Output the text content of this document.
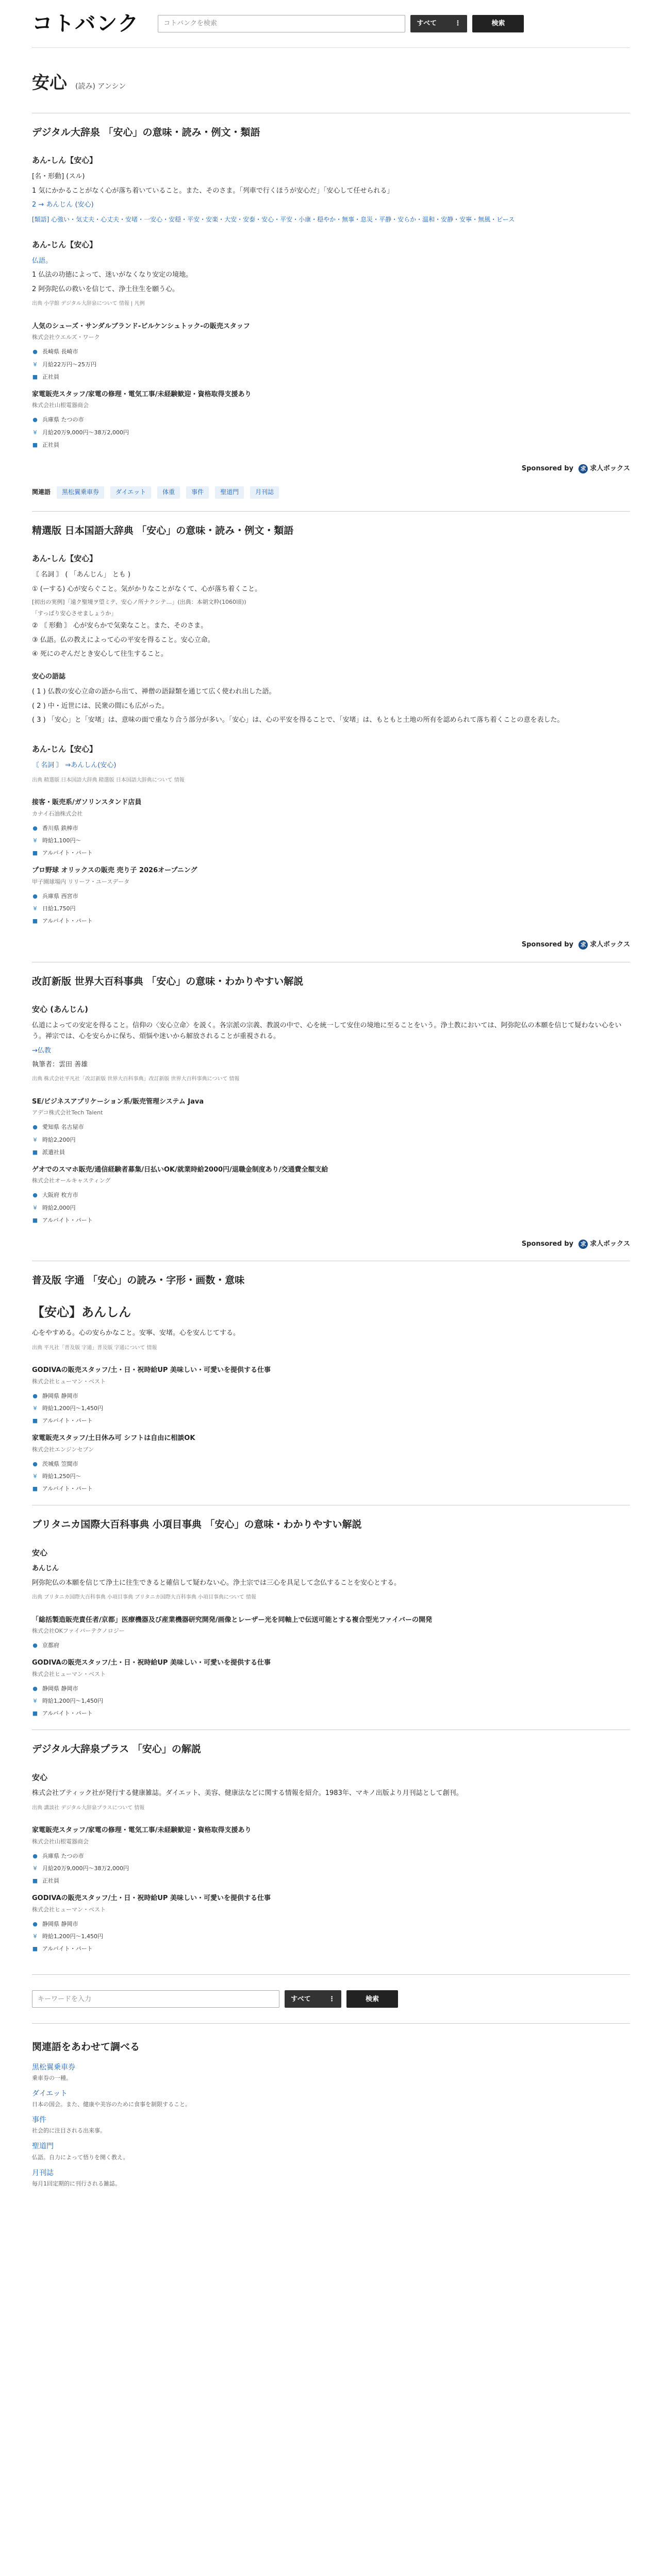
コトバンク	コトバンクを検索	すべて	⋮	検索
安心 (読み) アンシン
デジタル大辞泉 「安心」の意味・読み・例文・類語
あん‐しん【安心】
[名・形動] (スル)
1 気にかかることがなく心が落ち着いていること。また、そのさま。「列車で行くほうが安心だ」「安心して任せられる」
2 → あんじん (安心)
[類語] 心強い・気丈夫・心丈夫・安堵・一安心・安穏・平安・安楽・大安・安泰・安心・平安・小康・穏やか・無事・息災・平静・安らか・温和・安静・安寧・無風・ピース
あん‐じん【安心】
仏語。
1 仏法の功徳によって、迷いがなくなり安定の境地。
2 阿弥陀仏の救いを信じて、浄土往生を願う心。
出典 小学館 デジタル大辞泉について 情報 | 凡例
人気のシューズ・サンダルブランド-ビルケンシュトック-の販売スタッフ
株式会社ウエルズ・ワーク
● 長崎県 長崎市
¥ 月給22万円〜25万円
■ 正社員
家電販売スタッフ/家電の修理・電気工事/未経験歓迎・資格取得支援あり
株式会社山根電器商会
● 兵庫県 たつの市
¥ 月給20万9,000円〜38万2,000円
■ 正社員
Sponsored by 求 求人ボックス
関連語	黒松翼乗車券	ダイエット	体重	事件	聖道門	月刊誌
精選版 日本国語大辞典 「安心」の意味・読み・例文・類語
あん‐しん【安心】
〘 名詞 〙 ( 「あんじん」 とも )
① (ーする) 心が安らぐこと。気がかりなことがなくて、心が落ち着くこと。
[初出の実例]「遠ク聖境ヲ望ミテ、安心ノ所ナクシテ…」(出典：本朝文粋(1060頃))
「すっぱり安心させましょうか」
② 〘 形動 〙 心が安らかで気楽なこと。また、そのさま。
③ 仏語。仏の教えによって心の平安を得ること。安心立命。
④ 死にのぞんだとき安心して往生すること。
安心の語誌
( 1 ) 仏教の安心立命の語から出て、禅僧の語録類を通じて広く使われ出した語。
( 2 ) 中・近世には、民衆の間にも広がった。
( 3 ) 「安心」と「安堵」は、意味の面で重なり合う部分が多い。「安心」は、心の平安を得ることで、「安堵」は、もともと土地の所有を認められて落ち着くことの意を表した。
あん‐じん【安心】
〘 名詞 〙 ⇒あんしん(安心)
出典 精選版 日本国語大辞典 精選版 日本国語大辞典について 情報
接客・販売系/ガソリンスタンド店員
カナイ石油株式会社
● 香川県 鉄棒市
¥ 時給1,100円〜
■ アルバイト・パート
プロ野球 オリックスの販売 売り子 2026オープニング
甲子園球場内 リリーフ・ユースデータ
● 兵庫県 西宮市
¥ 日給1,750円
■ アルバイト・パート
Sponsored by 求 求人ボックス
改訂新版 世界大百科事典 「安心」の意味・わかりやすい解説
安心 (あんじん)
仏道によっての安定を得ること。信仰の〈安心立命〉を説く。各宗派の宗義、教説の中で、心を統一して安住の境地に至ることをいう。浄土教においては、阿弥陀仏の本願を信じて疑わない心をいう。禅宗では、心を安らかに保ち、煩悩や迷いから解放されることが重視される。
→仏教
執筆者：雲田 善雄
出典 株式会社平凡社「改訂新版 世界大百科事典」改訂新版 世界大百科事典について 情報
SE/ビジネスアプリケーション系/販売管理システム Java
アデコ株式会社Tech Talent
● 愛知県 名古屋市
¥ 時給2,200円
■ 派遣社員
ゲオでのスマホ販売/通信経験者募集/日払いOK/就業時給2000円/退職金制度あり/交通費全額支給
株式会社オールキャスティング
● 大阪府 枚方市
¥ 時給2,000円
■ アルバイト・パート
Sponsored by 求 求人ボックス
普及版 字通 「安心」の読み・字形・画数・意味
【安心】あんしん
心をやすめる。心の安らかなこと。安寧、安堵。心を安んじてする。
出典 平凡社「普及版 字通」普及版 字通について 情報
GODIVAの販売スタッフ/土・日・祝時給UP 美味しい・可愛いを提供する仕事
株式会社ヒューマン・ベスト
● 静岡県 静岡市
¥ 時給1,200円〜1,450円
■ アルバイト・パート
家電販売スタッフ/土日休み可 シフトは自由に相談OK
株式会社エンジンセブン
● 茨城県 笠間市
¥ 時給1,250円〜
■ アルバイト・パート
ブリタニカ国際大百科事典 小項目事典 「安心」の意味・わかりやすい解説
安心
あんじん
阿弥陀仏の本願を信じて浄土に往生できると確信して疑わない心。浄土宗では三心を具足して念仏することを安心とする。
出典 ブリタニカ国際大百科事典 小項目事典 ブリタニカ国際大百科事典 小項目事典について 情報
「総括製造販売責任者/京都」医療機器及び産業機器研究開発/画像とレーザー光を同軸上で伝送可能とする複合型光ファイバーの開発
株式会社OKファイバーテクノロジー
● 京都府
GODIVAの販売スタッフ/土・日・祝時給UP 美味しい・可愛いを提供する仕事
株式会社ヒューマン・ベスト
● 静岡県 静岡市
¥ 時給1,200円〜1,450円
■ アルバイト・パート
デジタル大辞泉プラス 「安心」の解説
安心
株式会社ブティック社が発行する健康雑誌。ダイエット、美容、健康法などに関する情報を紹介。1983年、マキノ出版より月刊誌として創刊。
出典 講談社 デジタル大辞泉プラスについて 情報
家電販売スタッフ/家電の修理・電気工事/未経験歓迎・資格取得支援あり
株式会社山根電器商会
● 兵庫県 たつの市
¥ 月給20万9,000円〜38万2,000円
■ 正社員
GODIVAの販売スタッフ/土・日・祝時給UP 美味しい・可愛いを提供する仕事
株式会社ヒューマン・ベスト
● 静岡県 静岡市
¥ 時給1,200円〜1,450円
■ アルバイト・パート
キーワードを入力	すべて	⋮	検索
関連語をあわせて調べる
黒松翼乗車券
乗車券の一種。
ダイエット
日本の国会。また、健康や美容のために食事を制限すること。
事件
社会的に注目される出来事。
聖道門
仏語。自力によって悟りを開く教え。
月刊誌
毎月1回定期的に刊行される雑誌。
